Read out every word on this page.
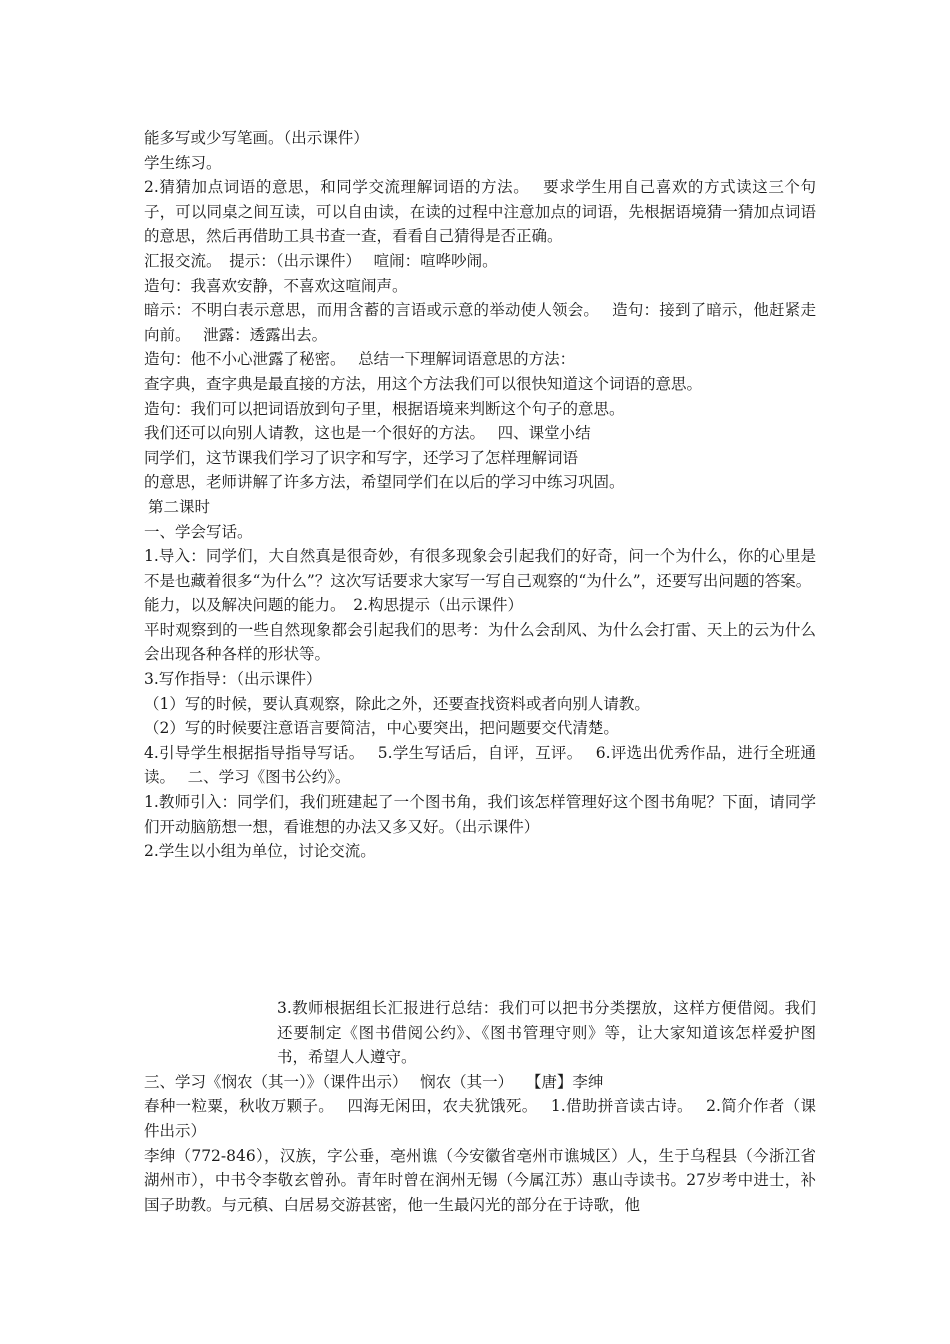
能多写或少写笔画。（出示课件）

学生练习。

2.猜猜加点词语的意思，和同学交流理解词语的方法。　 要求学生用自己喜欢的方式读这三个句子，可以同桌之间互读，可以自由读，在读的过程中注意加点的词语，先根据语境猜一猜加点词语的意思，然后再借助工具书查一查，看看自己猜得是否正确。

汇报交流。　提示：（出示课件）　 喧闹：喧哗吵闹。

造句：我喜欢安静，不喜欢这喧闹声。

暗示：不明白表示意思，而用含蓄的言语或示意的举动使人领会。　 造句：接到了暗示，他赶紧走向前。　 泄露：透露出去。

造句：他不小心泄露了秘密。　 总结一下理解词语意思的方法：

查字典，查字典是最直接的方法，用这个方法我们可以很快知道这个词语的意思。

造句：我们可以把词语放到句子里，根据语境来判断这个句子的意思。

我们还可以向别人请教，这也是一个很好的方法。　 四、课堂小结

同学们，这节课我们学习了识字和写字，还学习了怎样理解词语

的意思，老师讲解了许多方法，希望同学们在以后的学习中练习巩固。

第二课时

一、学会写话。

1.导入：同学们，大自然真是很奇妙，有很多现象会引起我们的好奇，问一个为什么，你的心里是不是也藏着很多“为什么”？这次写话要求大家写一写自己观察的“为什么”，还要写出问题的答案。

能力，以及解决问题的能力。　2.构思提示（出示课件）

平时观察到的一些自然现象都会引起我们的思考：为什么会刮风、为什么会打雷、天上的云为什么会出现各种各样的形状等。

3.写作指导：（出示课件）

（1）写的时候，要认真观察，除此之外，还要查找资料或者向别人请教。

（2）写的时候要注意语言要简洁，中心要突出，把问题要交代清楚。

4.引导学生根据指导指导写话。　 5.学生写话后，自评，互评。　 6.评选出优秀作品，进行全班通读。　 二、学习《图书公约》。

1.教师引入：同学们，我们班建起了一个图书角，我们该怎样管理好这个图书角呢？下面，请同学们开动脑筋想一想，看谁想的办法又多又好。（出示课件）

2.学生以小组为单位，讨论交流。

3.教师根据组长汇报进行总结：我们可以把书分类摆放，这样方便借阅。我们还要制定《图书借阅公约》、《图书管理守则》等，让大家知道该怎样爱护图书，希望人人遵守。

三、学习《悯农（其一）》（课件出示）　 悯农（其一）　 【唐】李绅

春种一粒粟，秋收万颗子。　 四海无闲田，农夫犹饿死。　 1.借助拼音读古诗。　 2.简介作者（课件出示）

李绅（772-846），汉族，字公垂，亳州谯（今安徽省亳州市谯城区）人，生于乌程县（今浙江省湖州市），中书令李敬玄曾孙。青年时曾在润州无锡（今属江苏）惠山寺读书。27岁考中进士，补国子助教。与元稹、白居易交游甚密，他一生最闪光的部分在于诗歌，他
